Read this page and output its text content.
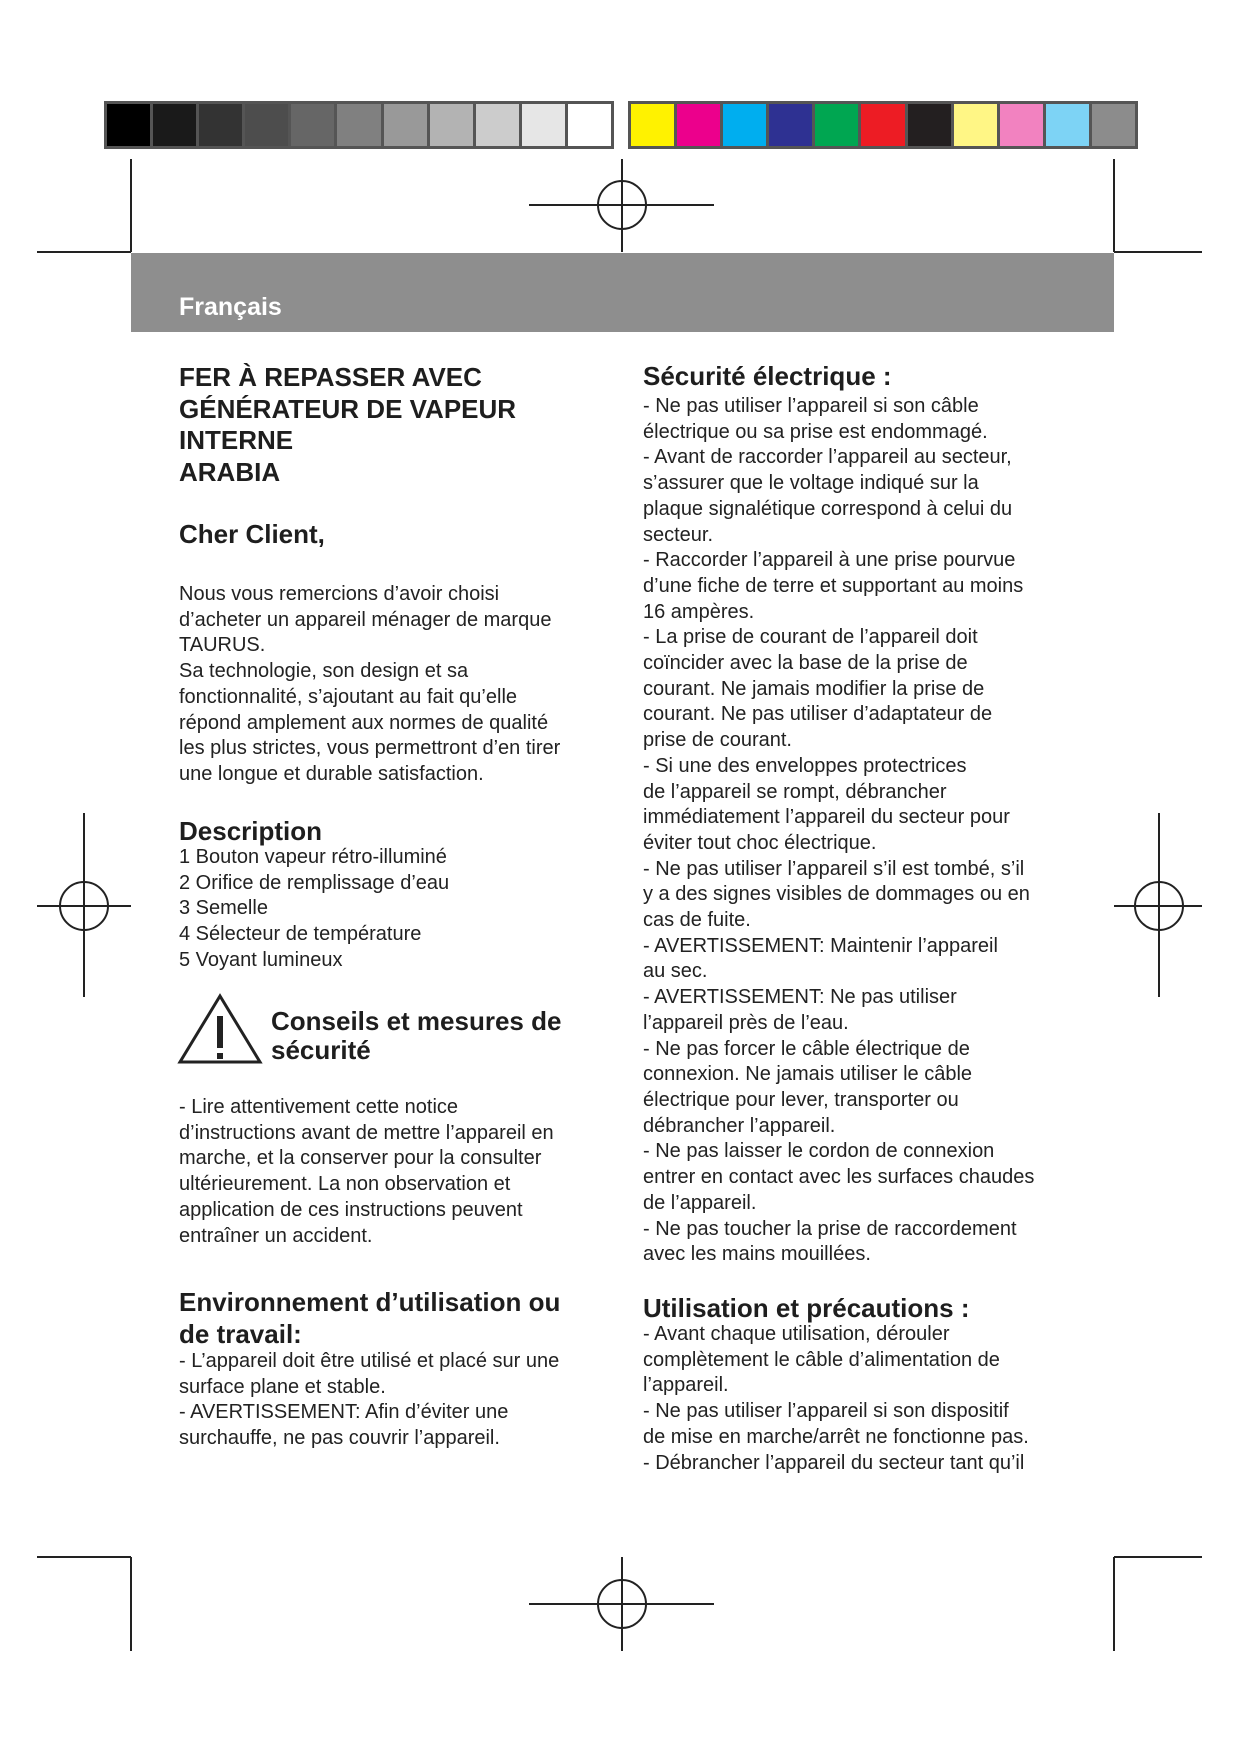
Français
FER À REPASSER AVEC
GÉNÉRATEUR DE VAPEUR
INTERNE
ARABIA
Cher Client,
Nous vous remercions d’avoir choisi
d’acheter un appareil ménager de marque
TAURUS.
Sa technologie, son design et sa
fonctionnalité, s’ajoutant au fait qu’elle
répond amplement aux normes de qualité
les plus strictes, vous permettront d’en tirer
une longue et durable satisfaction.
Description
1 Bouton vapeur rétro-illuminé
2 Orifice de remplissage d’eau
3 Semelle
4 Sélecteur de température
5 Voyant lumineux
Conseils et mesures de
sécurité
- Lire attentivement cette notice
d’instructions avant de mettre l’appareil en
marche, et la conserver pour la consulter
ultérieurement. La non observation et
application de ces instructions peuvent
entraîner un accident.
Environnement d’utilisation ou
de travail:
- L’appareil doit être utilisé et placé sur une
surface plane et stable.
- AVERTISSEMENT: Afin d’éviter une
surchauffe, ne pas couvrir l’appareil.
Sécurité électrique :
- Ne pas utiliser l’appareil si son câble
électrique ou sa prise est endommagé.
- Avant de raccorder l’appareil au secteur,
s’assurer que le voltage indiqué sur la
plaque signalétique correspond à celui du
secteur.
- Raccorder l’appareil à une prise pourvue
d’une fiche de terre et supportant au moins
16 ampères.
- La prise de courant de l’appareil doit
coïncider avec la base de la prise de
courant. Ne jamais modifier la prise de
courant. Ne pas utiliser d’adaptateur de
prise de courant.
- Si une des enveloppes protectrices
de l’appareil se rompt, débrancher
immédiatement l’appareil du secteur pour
éviter tout choc électrique.
- Ne pas utiliser l’appareil s’il est tombé, s’il
y a des signes visibles de dommages ou en
cas de fuite.
- AVERTISSEMENT: Maintenir l’appareil
au sec.
- AVERTISSEMENT: Ne pas utiliser
l’appareil près de l’eau.
- Ne pas forcer le câble électrique de
connexion. Ne jamais utiliser le câble
électrique pour lever, transporter ou
débrancher l’appareil.
- Ne pas laisser le cordon de connexion
entrer en contact avec les surfaces chaudes
de l’appareil.
- Ne pas toucher la prise de raccordement
avec les mains mouillées.
Utilisation et précautions :
- Avant chaque utilisation, dérouler
complètement le câble d’alimentation de
l’appareil.
- Ne pas utiliser l’appareil si son dispositif
de mise en marche/arrêt ne fonctionne pas.
- Débrancher l’appareil du secteur tant qu’il
